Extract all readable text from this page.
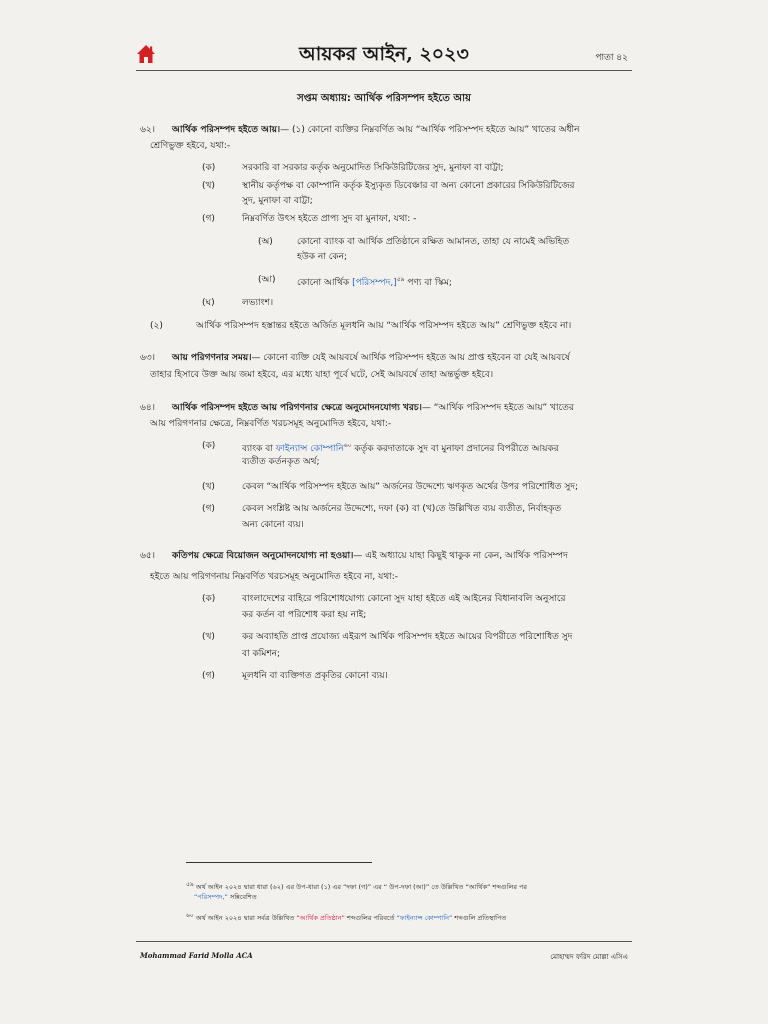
আয়কর আইন, ২০২৩	পাতা ৪২
সপ্তম অধ্যায়: আর্থিক পরিসম্পদ হইতে আয়
৬২। আর্থিক পরিসম্পদ হইতে আয়।— (১) কোনো ব্যক্তির নিম্নবর্ণিত আয় “আর্থিক পরিসম্পদ হইতে আয়” খাতের অধীন
শ্রেণিভুক্ত হইবে, যথা:-
(ক)	সরকারি বা সরকার কর্তৃক অনুমোদিত সিকিউরিটিজের সুদ, মুনাফা বা বাট্টা;
(খ)	স্থানীয় কর্তৃপক্ষ বা কোম্পানি কর্তৃক ইস্যুকৃত ডিবেঞ্চার বা অন্য কোনো প্রকারের সিকিউরিটিজের
সুদ, মুনাফা বা বাট্টা;
(গ)	নিম্নবর্ণিত উৎস হইতে প্রাপ্য সুদ বা মুনাফা, যথা: -
(অ)	কোনো ব্যাংক বা আর্থিক প্রতিষ্ঠানে রক্ষিত আমানত, তাহা যে নামেই অভিহিত
হউক না কেন;
(আ) কোনো আর্থিক [পরিসম্পদ,]$^{৫৯}$ পণ্য বা স্কিম;
(ঘ)	লভ্যাংশ।
(২)	আর্থিক পরিসম্পদ হস্তান্তর হইতে অর্জিত মূলধনি আয় “আর্থিক পরিসম্পদ হইতে আয়” শ্রেণিভুক্ত হইবে না।
৬৩। আয় পরিগণনার সময়।— কোনো ব্যক্তি যেই আয়বর্ষে আর্থিক পরিসম্পদ হইতে আয় প্রাপ্ত হইবেন বা যেই আয়বর্ষে
তাহার হিসাবে উক্ত আয় জমা হইবে, এর মধ্যে যাহা পূর্বে ঘটে, সেই আয়বর্ষে তাহা অন্তর্ভুক্ত হইবে।
৬৪। আর্থিক পরিসম্পদ হইতে আয় পরিগণনার ক্ষেত্রে অনুমোদনযোগ্য খরচ।— “আর্থিক পরিসম্পদ হইতে আয়” খাতের
আয় পরিগণনার ক্ষেত্রে, নিম্নবর্ণিত খরচসমূহ অনুমোদিত হইবে, যথা:-
(ক)	ব্যাংক বা ফাইন্যান্স কোম্পানি$^{৬০}$ কর্তৃক করদাতাকে সুদ বা মুনাফা প্রদানের বিপরীতে আয়কর
ব্যতীত কর্তনকৃত অর্থ;
(খ)	কেবল “আর্থিক পরিসম্পদ হইতে আয়” অর্জনের উদ্দেশ্যে ঋণকৃত অর্থের উপর পরিশোধিত সুদ;
(গ)	কেবল সংশ্লিষ্ট আয় অর্জনের উদ্দেশ্যে, দফা (ক) বা (খ)তে উল্লিখিত ব্যয় ব্যতীত, নির্বাহকৃত
অন্য কোনো ব্যয়।
৬৫। কতিপয় ক্ষেত্রে বিয়োজন অনুমোদনযোগ্য না হওয়া।— এই অধ্যায়ে যাহা কিছুই থাকুক না কেন, আর্থিক পরিসম্পদ
হইতে আয় পরিগণনায় নিম্নবর্ণিত খরচসমূহ অনুমোদিত হইবে না, যথা:-
(ক)	বাংলাদেশের বাহিরে পরিশোধযোগ্য কোনো সুদ যাহা হইতে এই আইনের বিধানাবলি অনুসারে
কর কর্তন বা পরিশোধ করা হয় নাই;
(খ)	কর অব্যাহতি প্রাপ্ত প্রযোজ্য এইরূপ আর্থিক পরিসম্পদ হইতে আয়ের বিপরীতে পরিশোধিত সুদ
বা কমিশন;
(গ)	মূলধনি বা ব্যক্তিগত প্রকৃতির কোনো ব্যয়।
৫৯ অর্থ আইন ২০২৪ দ্বারা ধারা (৬২) এর উপ-ধারা (১) এর “দফা (গ)” এর “ উপ-দফা (আ)” তে উল্লিখিত “আর্থিক” শব্দগুলির পর
“পরিসম্পদ,” সন্নিবেশিত
৬০ অর্থ আইন ২০২৪ দ্বারা সর্বত্র উল্লিখিত “আর্থিক প্রতিষ্ঠান” শব্দগুলির পরিবর্তে “ফাইন্যান্স কোম্পানি” শব্দগুলি প্রতিস্থাপিত
Mohammad Farid Molla ACA	মোহাম্মদ ফরিদ মোল্লা এসিএ
